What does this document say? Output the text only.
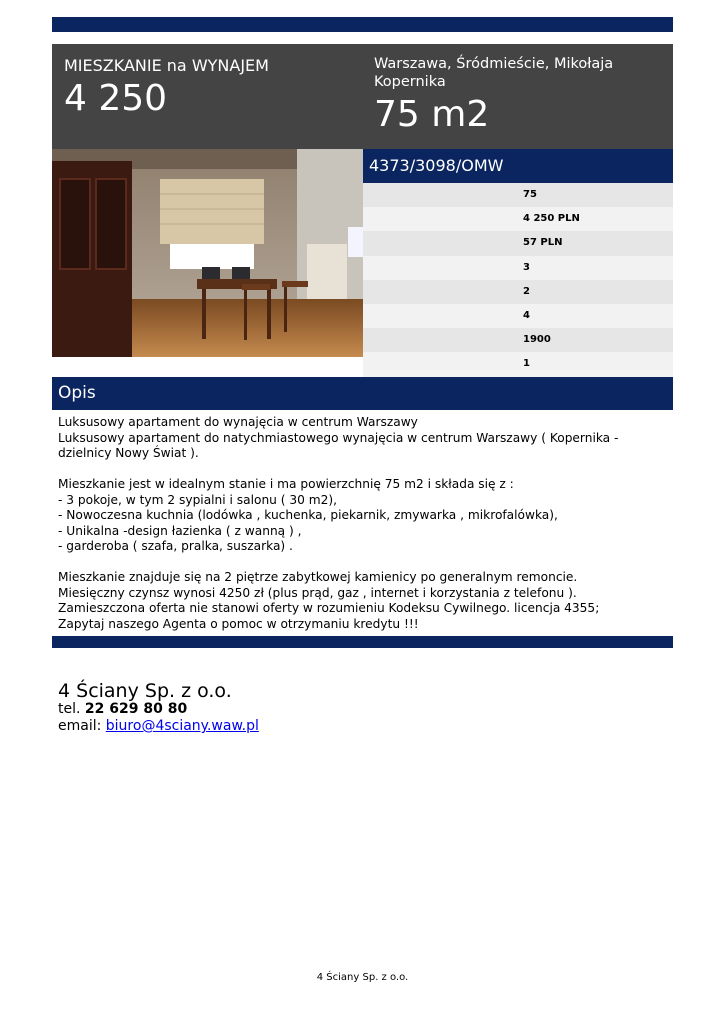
MIESZKANIE na WYNAJEM
4 250
Warszawa, Śródmieście, Mikołaja Kopernika
75 m2
4373/3098/OMW
75
4 250 PLN
57 PLN
3
2
4
1900
1
Opis

Luksusowy apartament do wynajęcia w centrum Warszawy
Luksusowy apartament do natychmiastowego wynajęcia w centrum Warszawy ( Kopernika - dzielnicy Nowy Świat ).

Mieszkanie jest w idealnym stanie i ma powierzchnię 75 m2 i składa się z :
- 3 pokoje, w tym 2 sypialni i salonu ( 30 m2),
- Nowoczesna kuchnia (lodówka , kuchenka, piekarnik, zmywarka , mikrofalówka),
- Unikalna -design łazienka ( z wanną ) ,
- garderoba ( szafa, pralka, suszarka) .

Mieszkanie znajduje się na 2 piętrze zabytkowej kamienicy po generalnym remoncie.
Miesięczny czynsz wynosi 4250 zł (plus prąd, gaz , internet i korzystania z telefonu ).
Zamieszczona oferta nie stanowi oferty w rozumieniu Kodeksu Cywilnego. licencja 4355;
Zapytaj naszego Agenta o pomoc w otrzymaniu kredytu !!!

4 Ściany Sp. z o.o.
tel. 22 629 80 80
email: biuro@4sciany.waw.pl
4 Ściany Sp. z o.o.
